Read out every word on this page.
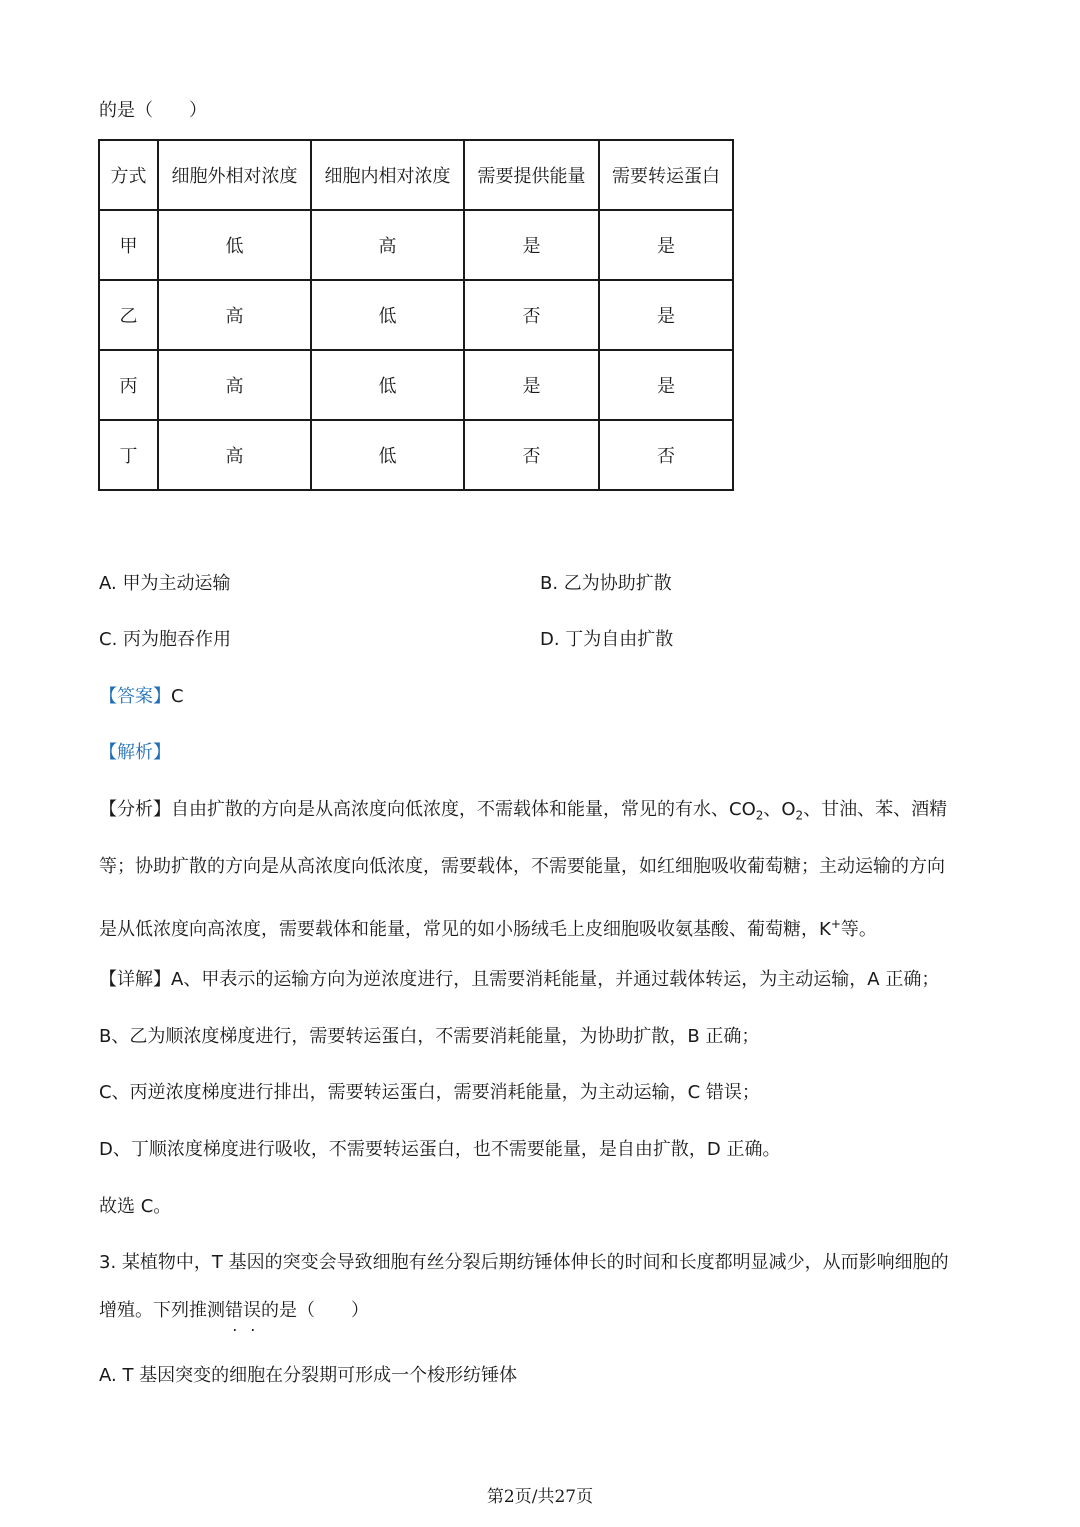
的是（　　）
方式	细胞外相对浓度	细胞内相对浓度	需要提供能量	需要转运蛋白
甲	低	高	是	是
乙	高	低	否	是
丙	高	低	是	是
丁	高	低	否	否
A. 甲为主动运输	B. 乙为协助扩散
C. 丙为胞吞作用	D. 丁为自由扩散
【答案】C
【解析】
【分析】自由扩散的方向是从高浓度向低浓度，不需载体和能量，常见的有水、$CO_2$、$O_2$、甘油、苯、酒精
等；协助扩散的方向是从高浓度向低浓度，需要载体，不需要能量，如红细胞吸收葡萄糖；主动运输的方向
是从低浓度向高浓度，需要载体和能量，常见的如小肠绒毛上皮细胞吸收氨基酸、葡萄糖，K+等。
【详解】A、甲表示的运输方向为逆浓度进行，且需要消耗能量，并通过载体转运，为主动运输，A 正确；
B、乙为顺浓度梯度进行，需要转运蛋白，不需要消耗能量，为协助扩散，B 正确；
C、丙逆浓度梯度进行排出，需要转运蛋白，需要消耗能量，为主动运输，C 错误；
D、丁顺浓度梯度进行吸收，不需要转运蛋白，也不需要能量，是自由扩散，D 正确。
故选 C。
3. 某植物中，T 基因的突变会导致细胞有丝分裂后期纺锤体伸长的时间和长度都明显减少，从而影响细胞的
增殖。下列推测错误的是（　　）
A. T 基因突变的细胞在分裂期可形成一个梭形纺锤体
第2页/共27页
